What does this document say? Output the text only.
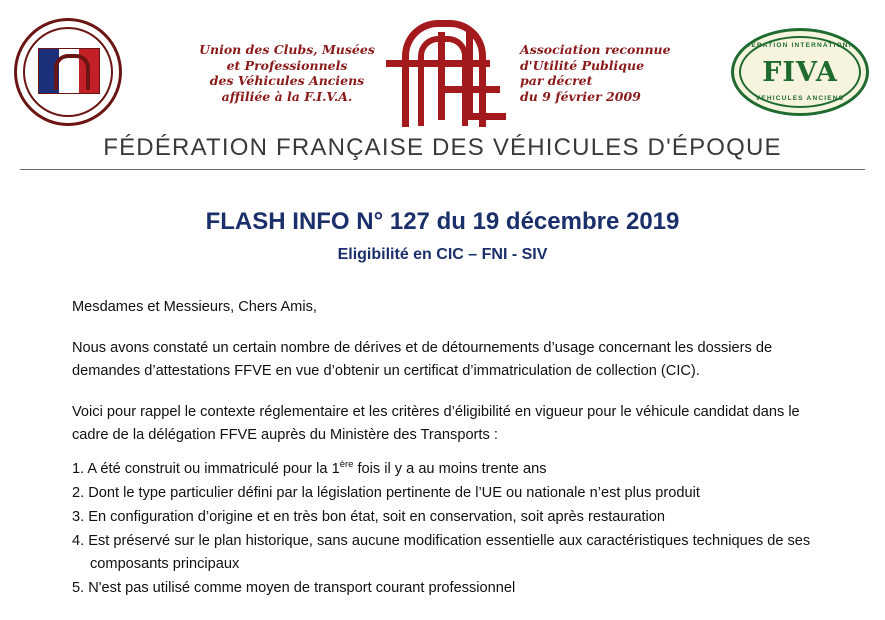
Union des Clubs, Musées
et Professionnels
des Véhicules Anciens
affiliée à la F.I.V.A.
Association reconnue
d'Utilité Publique
par décret
du 9 février 2009
FEDERATION INTERNATIONALE
FIVA
VEHICULES ANCIENS
FÉDÉRATION FRANÇAISE DES VÉHICULES D'ÉPOQUE
FLASH INFO N° 127 du 19 décembre 2019
Eligibilité en CIC – FNI - SIV

Mesdames et Messieurs, Chers Amis,

Nous avons constaté un certain nombre de dérives et de détournements d’usage concernant les dossiers de demandes d’attestations FFVE en vue d’obtenir un certificat d’immatriculation de collection (CIC).

Voici pour rappel le contexte réglementaire et les critères d’éligibilité en vigueur pour le véhicule candidat dans le cadre de la délégation FFVE auprès du Ministère des Transports :

1. A été construit ou immatriculé pour la 1ère fois il y a au moins trente ans
2. Dont le type particulier défini par la législation pertinente de l’UE ou nationale n’est plus produit
3. En configuration d’origine et en très bon état, soit en conservation, soit après restauration
4. Est préservé sur le plan historique, sans aucune modification essentielle aux caractéristiques techniques de ses composants principaux
5. N'est pas utilisé comme moyen de transport courant professionnel
